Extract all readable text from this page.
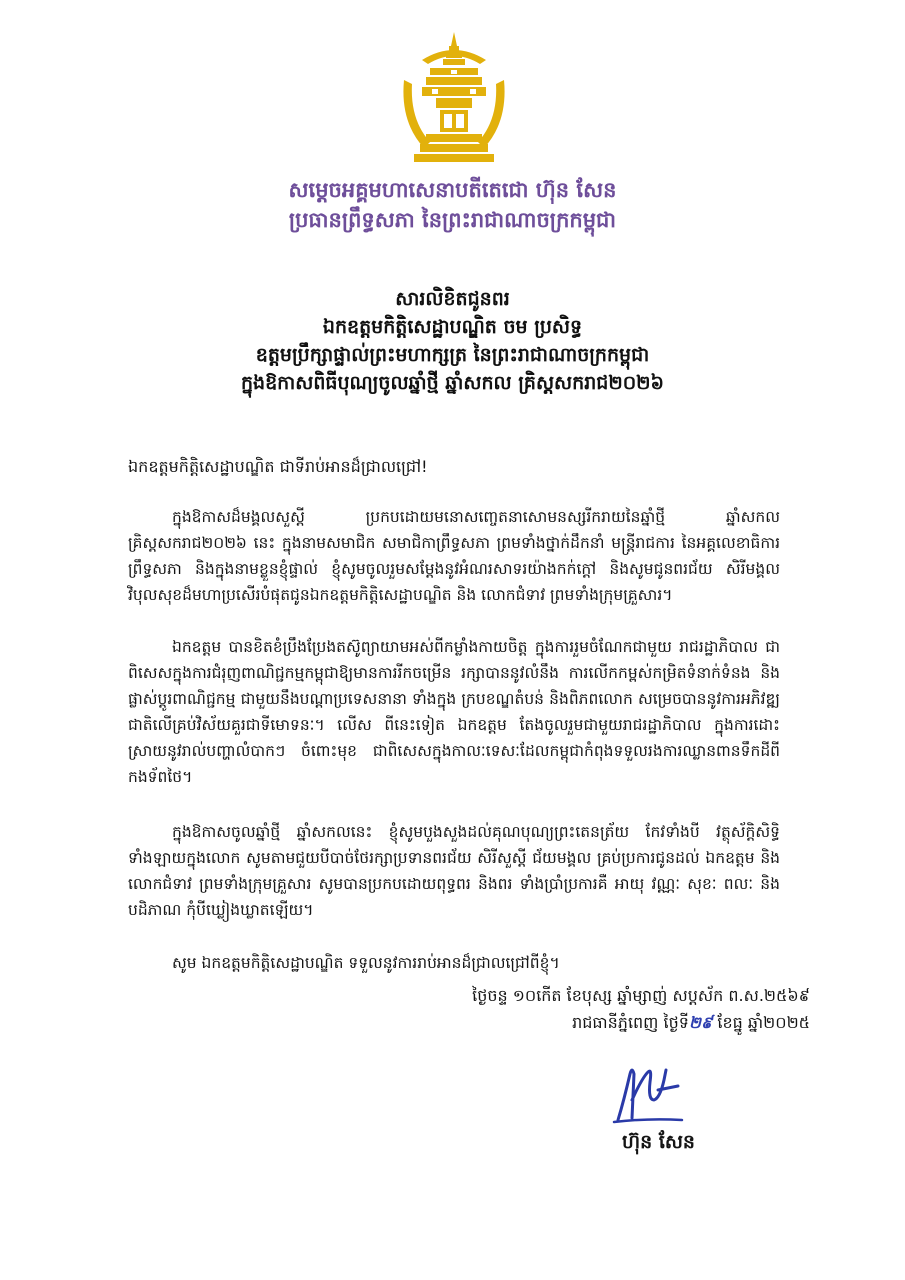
សម្តេចអគ្គមហាសេនាបតីតេជោ ហ៊ុន សែន
ប្រធានព្រឹទ្ធសភា នៃព្រះរាជាណាចក្រកម្ពុជា
សារលិខិតជូនពរ
ឯកឧត្តមកិត្តិសេដ្ឋាបណ្ឌិត ចម ប្រសិទ្ធ
ឧត្តមប្រឹក្សាផ្ទាល់ព្រះមហាក្សត្រ នៃព្រះរាជាណាចក្រកម្ពុជា
ក្នុងឱកាសពិធីបុណ្យចូលឆ្នាំថ្មី ឆ្នាំសកល គ្រិស្តសករាជ២០២៦
ឯកឧត្តមកិត្តិសេដ្ឋាបណ្ឌិត ជាទីរាប់អានដ៏ជ្រាលជ្រៅ!

ក្នុងឱកាសដ៏មង្គលសួស្តី ប្រកបដោយមនោសញ្ចេតនាសោមនស្សរីករាយនៃឆ្នាំថ្មី ឆ្នាំសកល គ្រិស្តសករាជ២០២៦ នេះ ក្នុងនាមសមាជិក សមាជិកាព្រឹទ្ធសភា ព្រមទាំងថ្នាក់ដឹកនាំ មន្ត្រីរាជការ នៃអគ្គលេខាធិការព្រឹទ្ធសភា និងក្នុងនាមខ្លួនខ្ញុំផ្ទាល់ ខ្ញុំសូមចូលរួមសម្តែងនូវអំណរសាទរយ៉ាងកក់ក្តៅ និងសូមជូនពរជ័យ សិរីមង្គល វិបុលសុខដ៏មហាប្រសើរបំផុតជូនឯកឧត្តមកិត្តិសេដ្ឋាបណ្ឌិត និង លោកជំទាវ ព្រមទាំងក្រុមគ្រួសារ។

ឯកឧត្តម បានខិតខំប្រឹងប្រែងតស៊ូព្យាយាមអស់ពីកម្លាំងកាយចិត្ត ក្នុងការរួមចំណែកជាមួយ រាជរដ្ឋាភិបាល ជាពិសេសក្នុងការជំរុញពាណិជ្ជកម្មកម្ពុជាឱ្យមានការរីកចម្រើន រក្សាបាននូវលំនឹង ការលើកកម្ពស់កម្រិតទំនាក់ទំនង និងផ្លាស់ប្តូរពាណិជ្ជកម្ម ជាមួយនឹងបណ្តាប្រទេសនានា ទាំងក្នុង ក្របខណ្ឌតំបន់ និងពិភពលោក សម្រេចបាននូវការអភិវឌ្ឍជាតិលើគ្រប់វិស័យគួរជាទីមោទនៈ។ លើស ពីនេះទៀត ឯកឧត្តម តែងចូលរួមជាមួយរាជរដ្ឋាភិបាល ក្នុងការដោះស្រាយនូវរាល់បញ្ហាលំបាកៗ ចំពោះមុខ ជាពិសេសក្នុងកាលៈទេសៈដែលកម្ពុជាកំពុងទទួលរងការឈ្លានពានទឹកដីពីកងទ័ពថៃ។

ក្នុងឱកាសចូលឆ្នាំថ្មី ឆ្នាំសកលនេះ ខ្ញុំសូមបួងសួងដល់គុណបុណ្យព្រះតេនត្រ័យ កែវទាំងបី វត្ថុស័ក្តិសិទ្ធិទាំងឡាយក្នុងលោក សូមតាមជួយបីបាច់ថែរក្សាប្រទានពរជ័យ សិរីសួស្តី ជ័យមង្គល គ្រប់ប្រការជូនដល់ ឯកឧត្តម និងលោកជំទាវ ព្រមទាំងក្រុមគ្រួសារ សូមបានប្រកបដោយពុទ្ធពរ និងពរ ទាំងប្រាំប្រការគឺ អាយុ វណ្ណៈ សុខៈ ពលៈ និងបដិភាណ កុំបីឃ្លៀងឃ្លាតឡើយ។

សូម ឯកឧត្តមកិត្តិសេដ្ឋាបណ្ឌិត ទទួលនូវការរាប់អានដ៏ជ្រាលជ្រៅពីខ្ញុំ។

ថ្ងៃចន្ទ ១០កើត ខែបុស្ស ឆ្នាំម្សាញ់ សប្តស័ក ព.ស.២៥៦៩
រាជធានីភ្នំពេញ ថ្ងៃទី២៩ ខែធ្នូ ឆ្នាំ២០២៥
ហ៊ុន សែន
